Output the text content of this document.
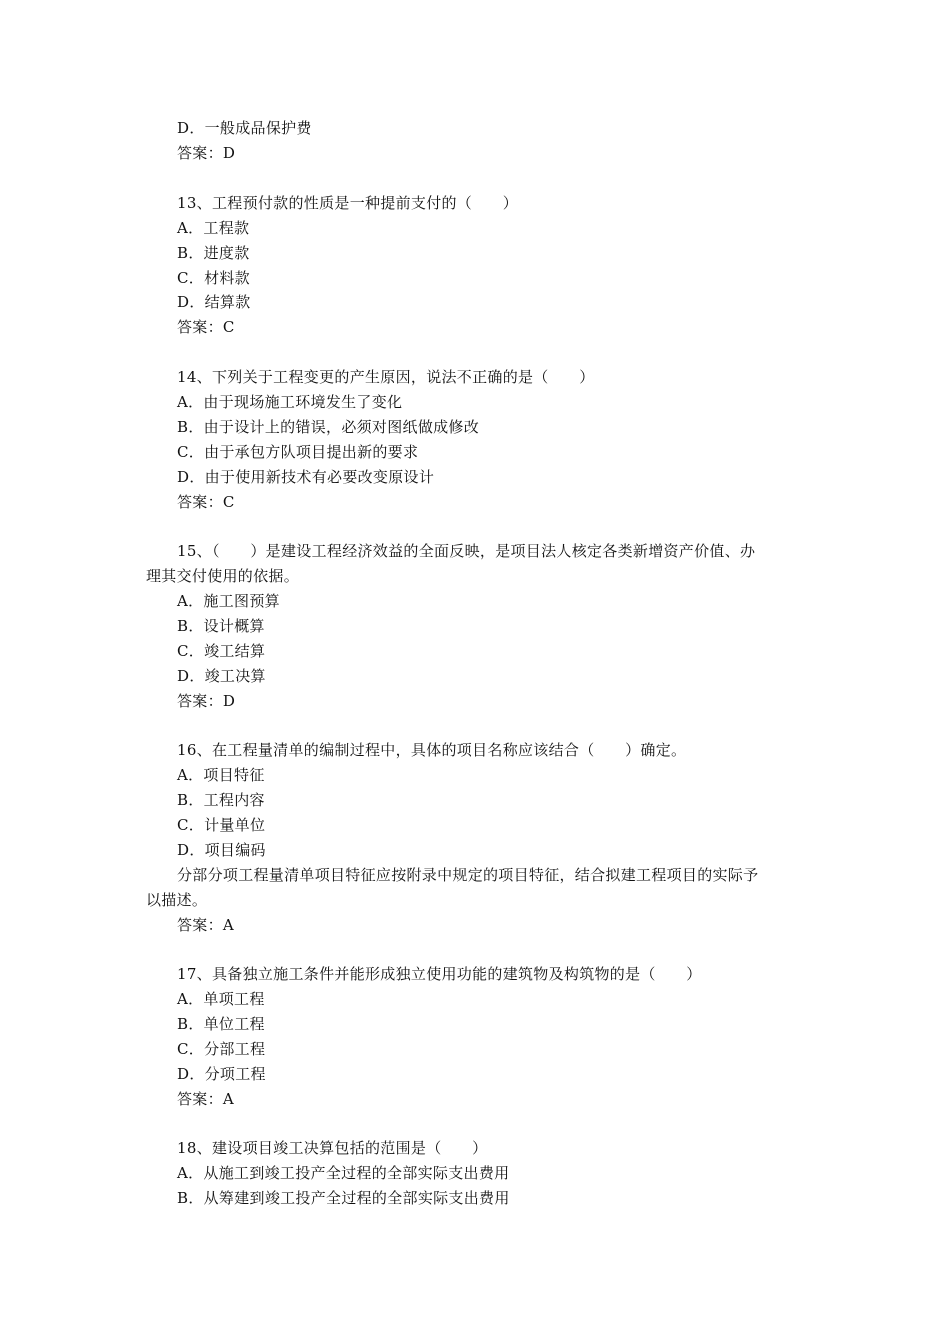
D．一般成品保护费
答案：D
13、工程预付款的性质是一种提前支付的（　　）
A．工程款
B．进度款
C．材料款
D．结算款
答案：C
14、下列关于工程变更的产生原因，说法不正确的是（　　）
A．由于现场施工环境发生了变化
B．由于设计上的错误，必须对图纸做成修改
C．由于承包方队项目提出新的要求
D．由于使用新技术有必要改变原设计
答案：C
15、（　　）是建设工程经济效益的全面反映，是项目法人核定各类新增资产价值、办
理其交付使用的依据。
A．施工图预算
B．设计概算
C．竣工结算
D．竣工决算
答案：D
16、在工程量清单的编制过程中，具体的项目名称应该结合（　　）确定。
A．项目特征
B．工程内容
C．计量单位
D．项目编码
分部分项工程量清单项目特征应按附录中规定的项目特征，结合拟建工程项目的实际予
以描述。
答案：A
17、具备独立施工条件并能形成独立使用功能的建筑物及构筑物的是（　　）
A．单项工程
B．单位工程
C．分部工程
D．分项工程
答案：A
18、建设项目竣工决算包括的范围是（　　）
A．从施工到竣工投产全过程的全部实际支出费用
B．从筹建到竣工投产全过程的全部实际支出费用
